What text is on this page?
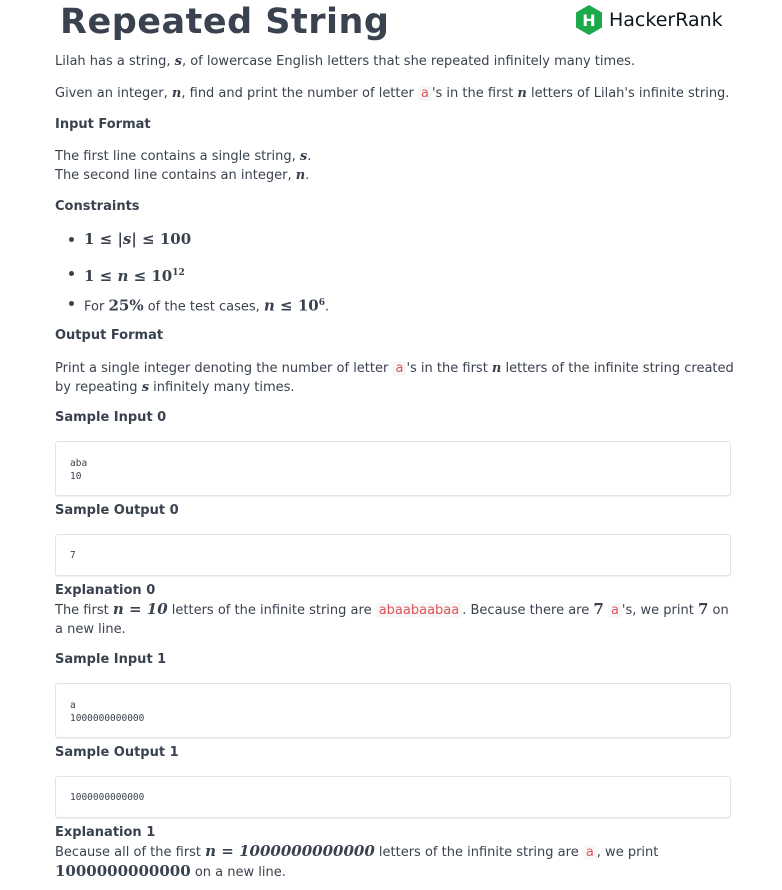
Repeated String	H HackerRank

Lilah has a string, s, of lowercase English letters that she repeated infinitely many times.

Given an integer, n, find and print the number of letter a 's in the first n letters of Lilah's infinite string.

Input Format

The first line contains a single string, s.
The second line contains an integer, n.

Constraints
1 ≤ |s| ≤ 100
$1 \le n \le 10^{12}$
For 25% of the test cases, $n \le 10^6$.
Output Format

Print a single integer denoting the number of letter a 's in the first n letters of the infinite string created by repeating s infinitely many times.

Sample Input 0
aba
10
Sample Output 0
7
Explanation 0

The first n = 10 letters of the infinite string are abaabaabaa . Because there are 7 a 's, we print 7 on a new line.

Sample Input 1
a
1000000000000
Sample Output 1
1000000000000
Explanation 1

Because all of the first n = 1000000000000 letters of the infinite string are a , we print 1000000000000 on a new line.
